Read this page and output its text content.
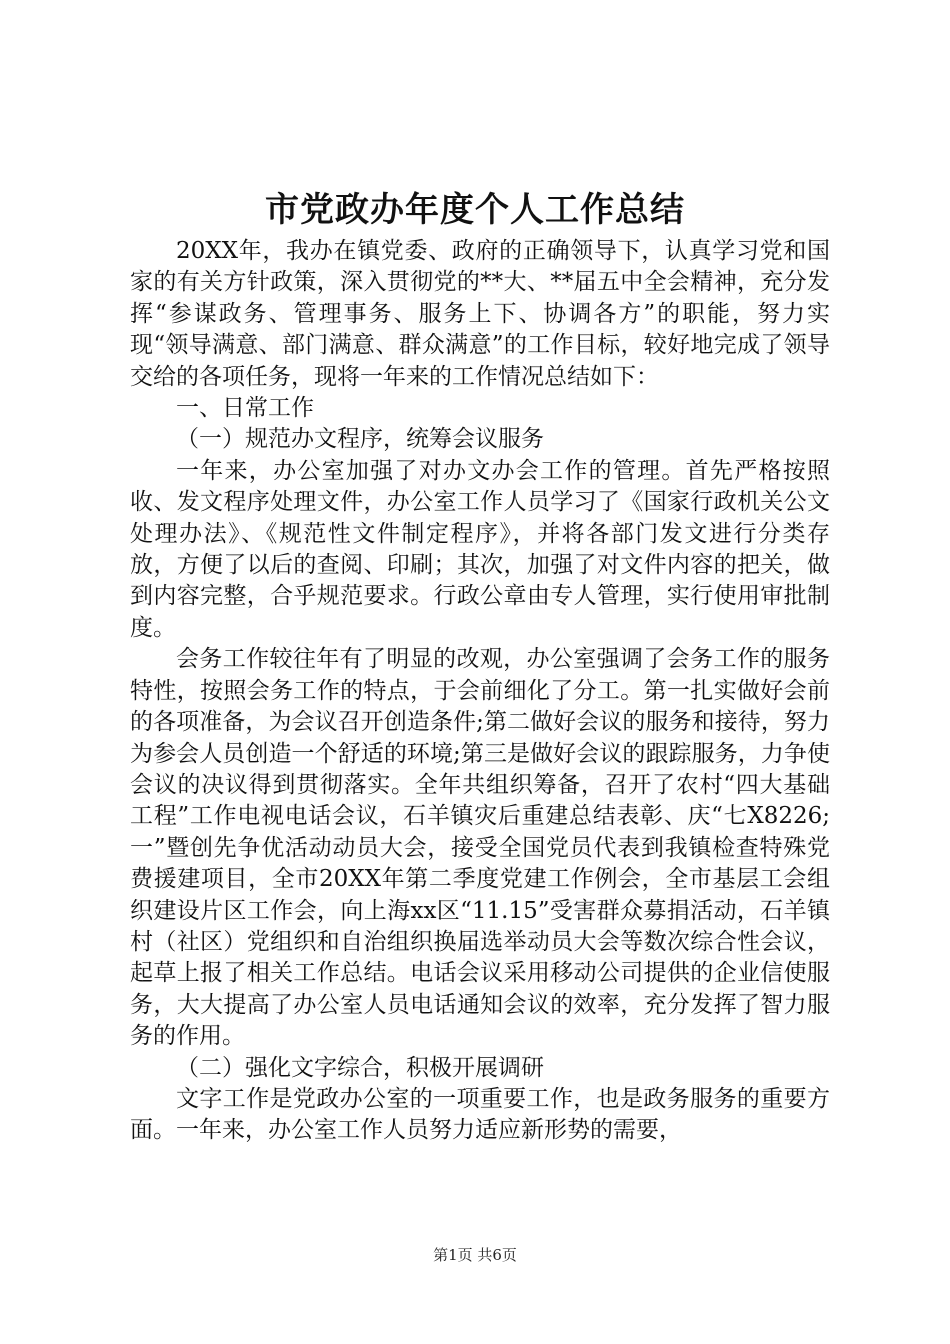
市党政办年度个人工作总结

20XX年，我办在镇党委、政府的正确领导下，认真学习党和国家的有关方针政策，深入贯彻党的**大、**届五中全会精神，充分发挥“参谋政务、管理事务、服务上下、协调各方”的职能，努力实现“领导满意、部门满意、群众满意”的工作目标，较好地完成了领导交给的各项任务，现将一年来的工作情况总结如下：

一、日常工作

（一）规范办文程序，统筹会议服务

一年来，办公室加强了对办文办会工作的管理。首先严格按照收、发文程序处理文件，办公室工作人员学习了《国家行政机关公文处理办法》、《规范性文件制定程序》，并将各部门发文进行分类存放，方便了以后的查阅、印刷；其次，加强了对文件内容的把关，做到内容完整，合乎规范要求。行政公章由专人管理，实行使用审批制度。

会务工作较往年有了明显的改观，办公室强调了会务工作的服务特性，按照会务工作的特点，于会前细化了分工。第一扎实做好会前的各项准备，为会议召开创造条件;第二做好会议的服务和接待，努力为参会人员创造一个舒适的环境;第三是做好会议的跟踪服务，力争使会议的决议得到贯彻落实。全年共组织筹备，召开了农村“四大基础工程”工作电视电话会议，石羊镇灾后重建总结表彰、庆“七X8226;一”暨创先争优活动动员大会，接受全国党员代表到我镇检查特殊党费援建项目，全市20XX年第二季度党建工作例会，全市基层工会组织建设片区工作会，向上海xx区“11.15”受害群众募捐活动，石羊镇村（社区）党组织和自治组织换届选举动员大会等数次综合性会议，起草上报了相关工作总结。电话会议采用移动公司提供的企业信使服务，大大提高了办公室人员电话通知会议的效率，充分发挥了智力服务的作用。

（二）强化文字综合，积极开展调研

文字工作是党政办公室的一项重要工作，也是政务服务的重要方面。一年来，办公室工作人员努力适应新形势的需要，

第1页 共6页
